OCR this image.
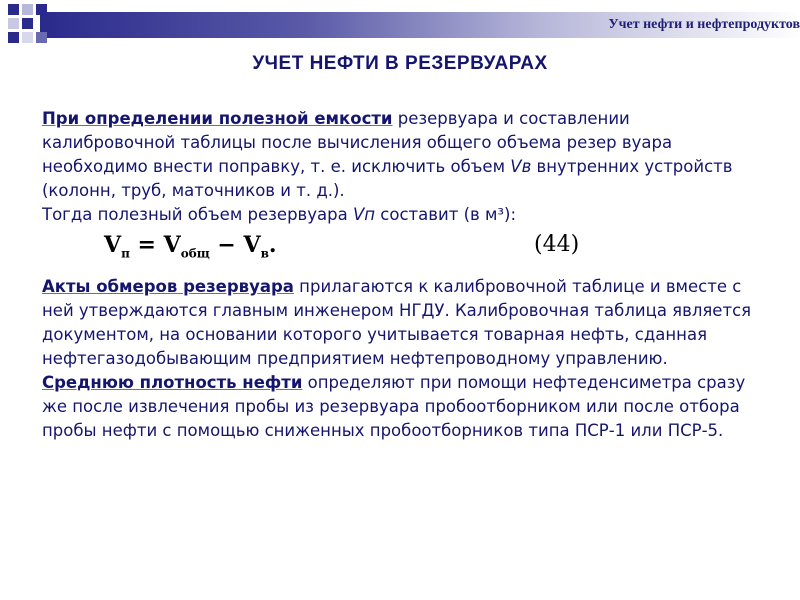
Учет нефти и нефтепродуктов
УЧЕТ НЕФТИ В РЕЗЕРВУАРАХ

При определении полезной емкости резервуара и составлении калибровочной таблицы после вычисления общего объема резер вуара необходимо внести поправку, т. е. исключить объем Vв внутренних устройств (колонн, труб, маточников и т. д.).
Тогда полезный объем резервуара Vп составит (в м³):

$V_п = V_{общ} - V_в$.	(44)

Акты обмеров резервуара прилагаются к калибровочной таблице и вместе с ней утверждаются главным инженером НГДУ. Калибровочная таблица является документом, на основании которого учитывается товарная нефть, сданная нефтегазодобывающим предприятием нефтепроводному управлению.

Среднюю плотность нефти определяют при помощи нефтеденсиметра сразу же после извлечения пробы из резервуара пробоотборником или после отбора пробы нефти с помощью сниженных пробоотборников типа ПСР-1 или ПСР-5.
